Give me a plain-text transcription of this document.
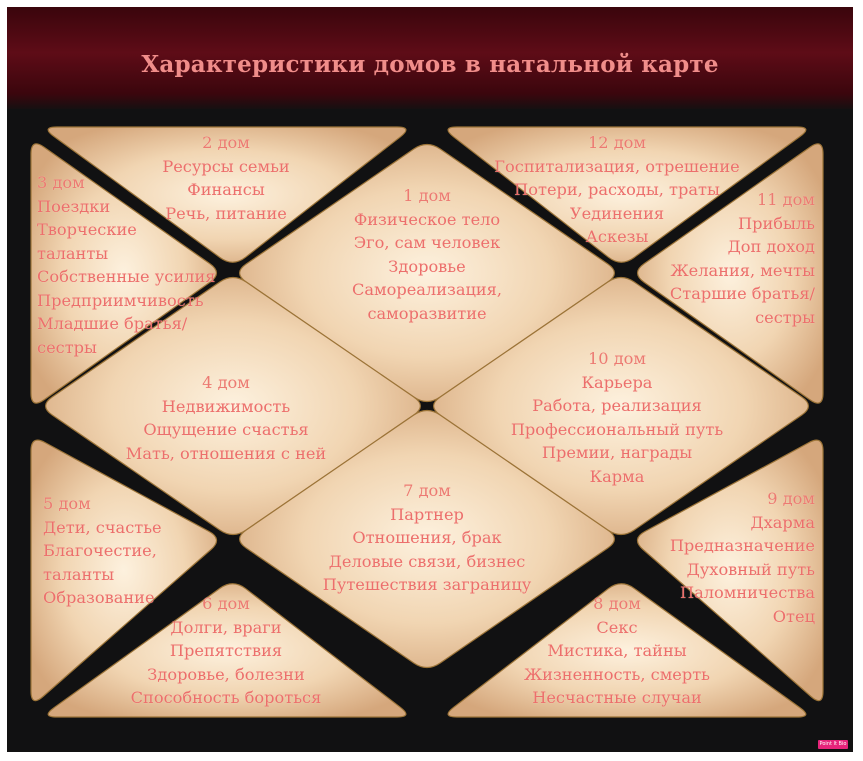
Характеристики домов в натальной карте
1 дом
Физическое тело
Эго, сам человек
Здоровье
Самореализация,
саморазвитие
2 дом
Ресурсы семьи
Финансы
Речь, питание
3 дом
Поездки
Творческие
таланты
Собственные усилия
Предприимчивость
Младшие братья/
сестры
4 дом
Недвижимость
Ощущение счастья
Мать, отношения с ней
5 дом
Дети, счастье
Благочестие,
таланты
Образование	6 дом
Долги, враги
Препятствия
Здоровье, болезни
Способность бороться
7 дом
Партнер
Отношения, брак
Деловые связи, бизнес
Путешествия заграницу
8 дом
Секс
Мистика, тайны
Жизненность, смерть
Несчастные случаи
9 дом
Дхарма
Предназначение
Духовный путь
Паломничества
Отец
10 дом
Карьера
Работа, реализация
Профессиональный путь
Премии, награды
Карма
11 дом
Прибыль
Доп доход
Желания, мечты
Старшие братья/
сестры
12 дом
Госпитализация, отрешение
Потери, расходы, траты
Уединения
Аскезы
Point It Bio
